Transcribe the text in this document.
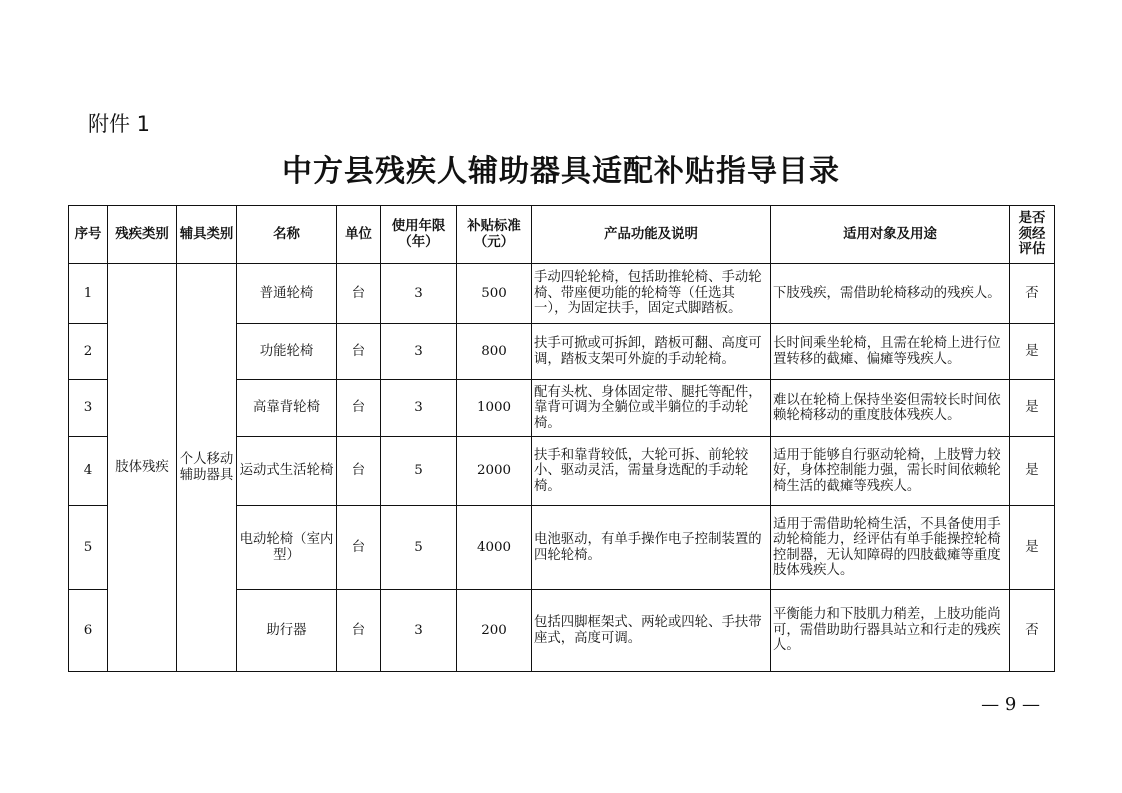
附件 1
中方县残疾人辅助器具适配补贴指导目录
序号	残疾类别	辅具类别	名称	单位	使用年限（年）	补贴标准（元）	产品功能及说明	适用对象及用途	是否须经评估
1	肢体残疾	个人移动辅助器具	普通轮椅	台	3	500	手动四轮轮椅，包括助推轮椅、手动轮椅、带座便功能的轮椅等（任选其一），为固定扶手，固定式脚踏板。	下肢残疾，需借助轮椅移动的残疾人。	否
2			功能轮椅	台	3	800	扶手可掀或可拆卸，踏板可翻、高度可调，踏板支架可外旋的手动轮椅。	长时间乘坐轮椅，且需在轮椅上进行位置转移的截瘫、偏瘫等残疾人。	是
3			高靠背轮椅	台	3	1000	配有头枕、身体固定带、腿托等配件，靠背可调为全躺位或半躺位的手动轮椅。	难以在轮椅上保持坐姿但需较长时间依赖轮椅移动的重度肢体残疾人。	是
4			运动式生活轮椅	台	5	2000	扶手和靠背较低，大轮可拆、前轮较小、驱动灵活，需量身选配的手动轮椅。	适用于能够自行驱动轮椅，上肢臂力较好，身体控制能力强，需长时间依赖轮椅生活的截瘫等残疾人。	是
5			电动轮椅（室内型）	台	5	4000	电池驱动，有单手操作电子控制装置的四轮轮椅。	适用于需借助轮椅生活，不具备使用手动轮椅能力，经评估有单手能操控轮椅控制器，无认知障碍的四肢截瘫等重度肢体残疾人。	是
6			助行器	台	3	200	包括四脚框架式、两轮或四轮、手扶带座式，高度可调。	平衡能力和下肢肌力稍差，上肢功能尚可，需借助助行器具站立和行走的残疾人。	否
— 9 —
